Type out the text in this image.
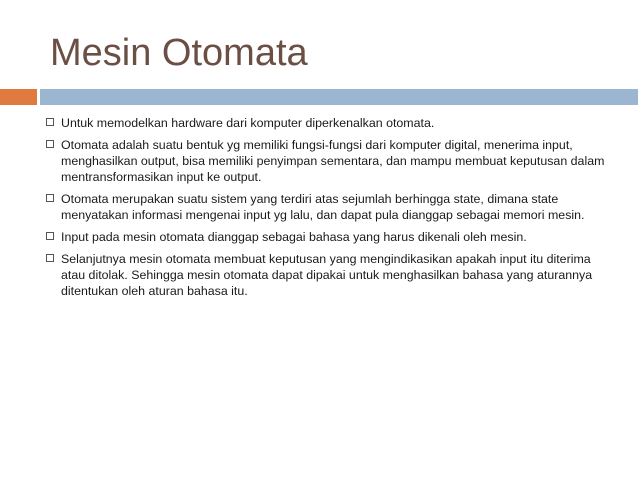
Mesin Otomata
Untuk memodelkan hardware dari komputer diperkenalkan otomata.
Otomata adalah suatu bentuk yg memiliki fungsi-fungsi dari komputer digital, menerima input, menghasilkan output, bisa memiliki penyimpan sementara, dan mampu membuat keputusan dalam mentransformasikan input ke output.
Otomata merupakan suatu sistem yang terdiri atas sejumlah berhingga state, dimana state menyatakan informasi mengenai input yg lalu, dan dapat pula dianggap sebagai memori mesin.
Input pada mesin otomata dianggap sebagai bahasa yang harus dikenali oleh mesin.
Selanjutnya mesin otomata membuat keputusan yang mengindikasikan apakah input itu diterima atau ditolak. Sehingga mesin otomata dapat dipakai untuk menghasilkan bahasa yang aturannya ditentukan oleh aturan bahasa itu.
